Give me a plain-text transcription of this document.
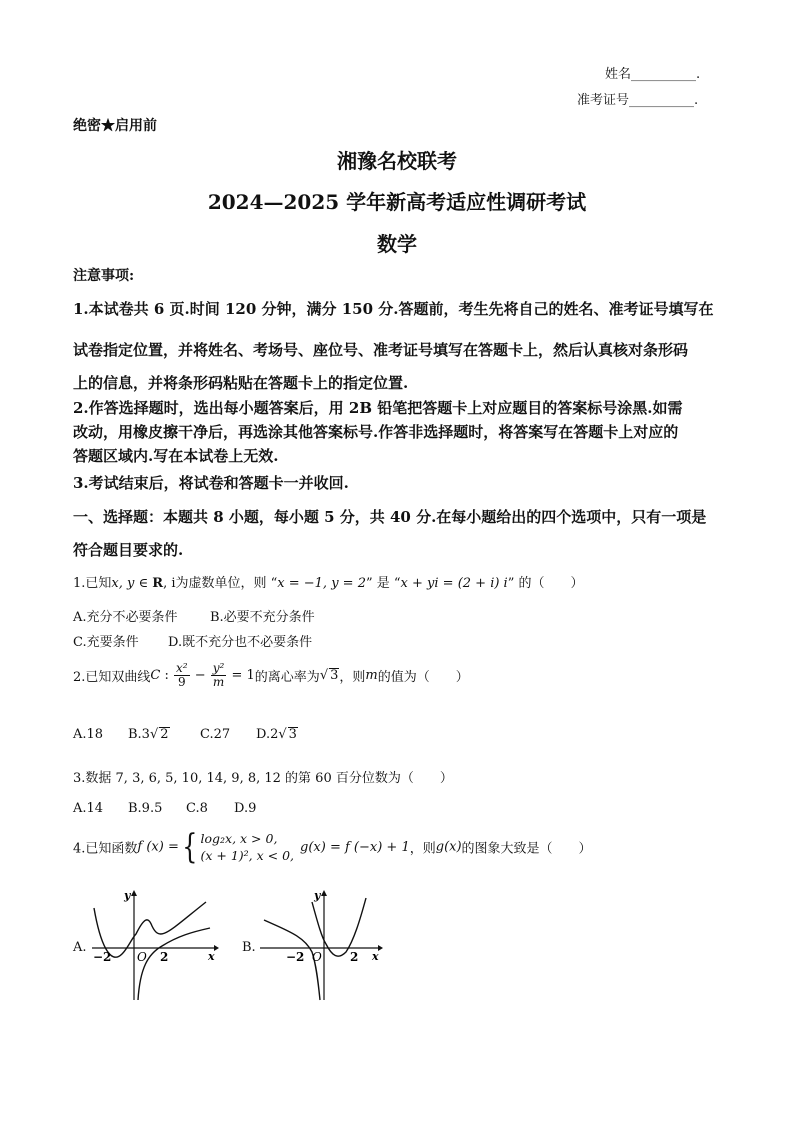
姓名__________.
准考证号__________.
绝密★启用前
湘豫名校联考
2024—2025 学年新高考适应性调研考试
数学
注意事项:
1.本试卷共 6 页.时间 120 分钟，满分 150 分.答题前，考生先将自己的姓名、准考证号填写在
试卷指定位置，并将姓名、考场号、座位号、准考证号填写在答题卡上，然后认真核对条形码
上的信息，并将条形码粘贴在答题卡上的指定位置.
2.作答选择题时，选出每小题答案后，用 2B 铅笔把答题卡上对应题目的答案标号涂黑.如需
改动，用橡皮擦干净后，再选涂其他答案标号.作答非选择题时，将答案写在答题卡上对应的
答题区域内.写在本试卷上无效.
3.考试结束后，将试卷和答题卡一并收回.
一、选择题：本题共 8 小题，每小题 5 分，共 40 分.在每小题给出的四个选项中，只有一项是
符合题目要求的.
1.已知x, y ∈ R, i为虚数单位，则 “x = −1, y = 2” 是 “x + yi = (2 + i) i” 的（　　）
A.充分不必要条件 B.必要不充分条件
C.充要条件 D.既不充分也不必要条件
2.已知双曲线C : $\frac{\text{x²}}{9} - \frac{\text{y²}}{m} = 1$的离心率为√ 3，则m的值为（　　）
A.18 B.3√ 2 C.27 D.2√ 3
3.数据 7, 3, 6, 5, 10, 14, 9, 8, 12 的第 60 百分位数为（　　）
A.14 B.9.5 C.8 D.9
4.已知函数f (x) ={ log₂x, x > 0,
(x + 1)², x < 0,
g(x) = f (−x) + 1，则g(x)的图象大致是（　　）
A.
−2 O 2	x
y
B.
−2 O 2 x
y
